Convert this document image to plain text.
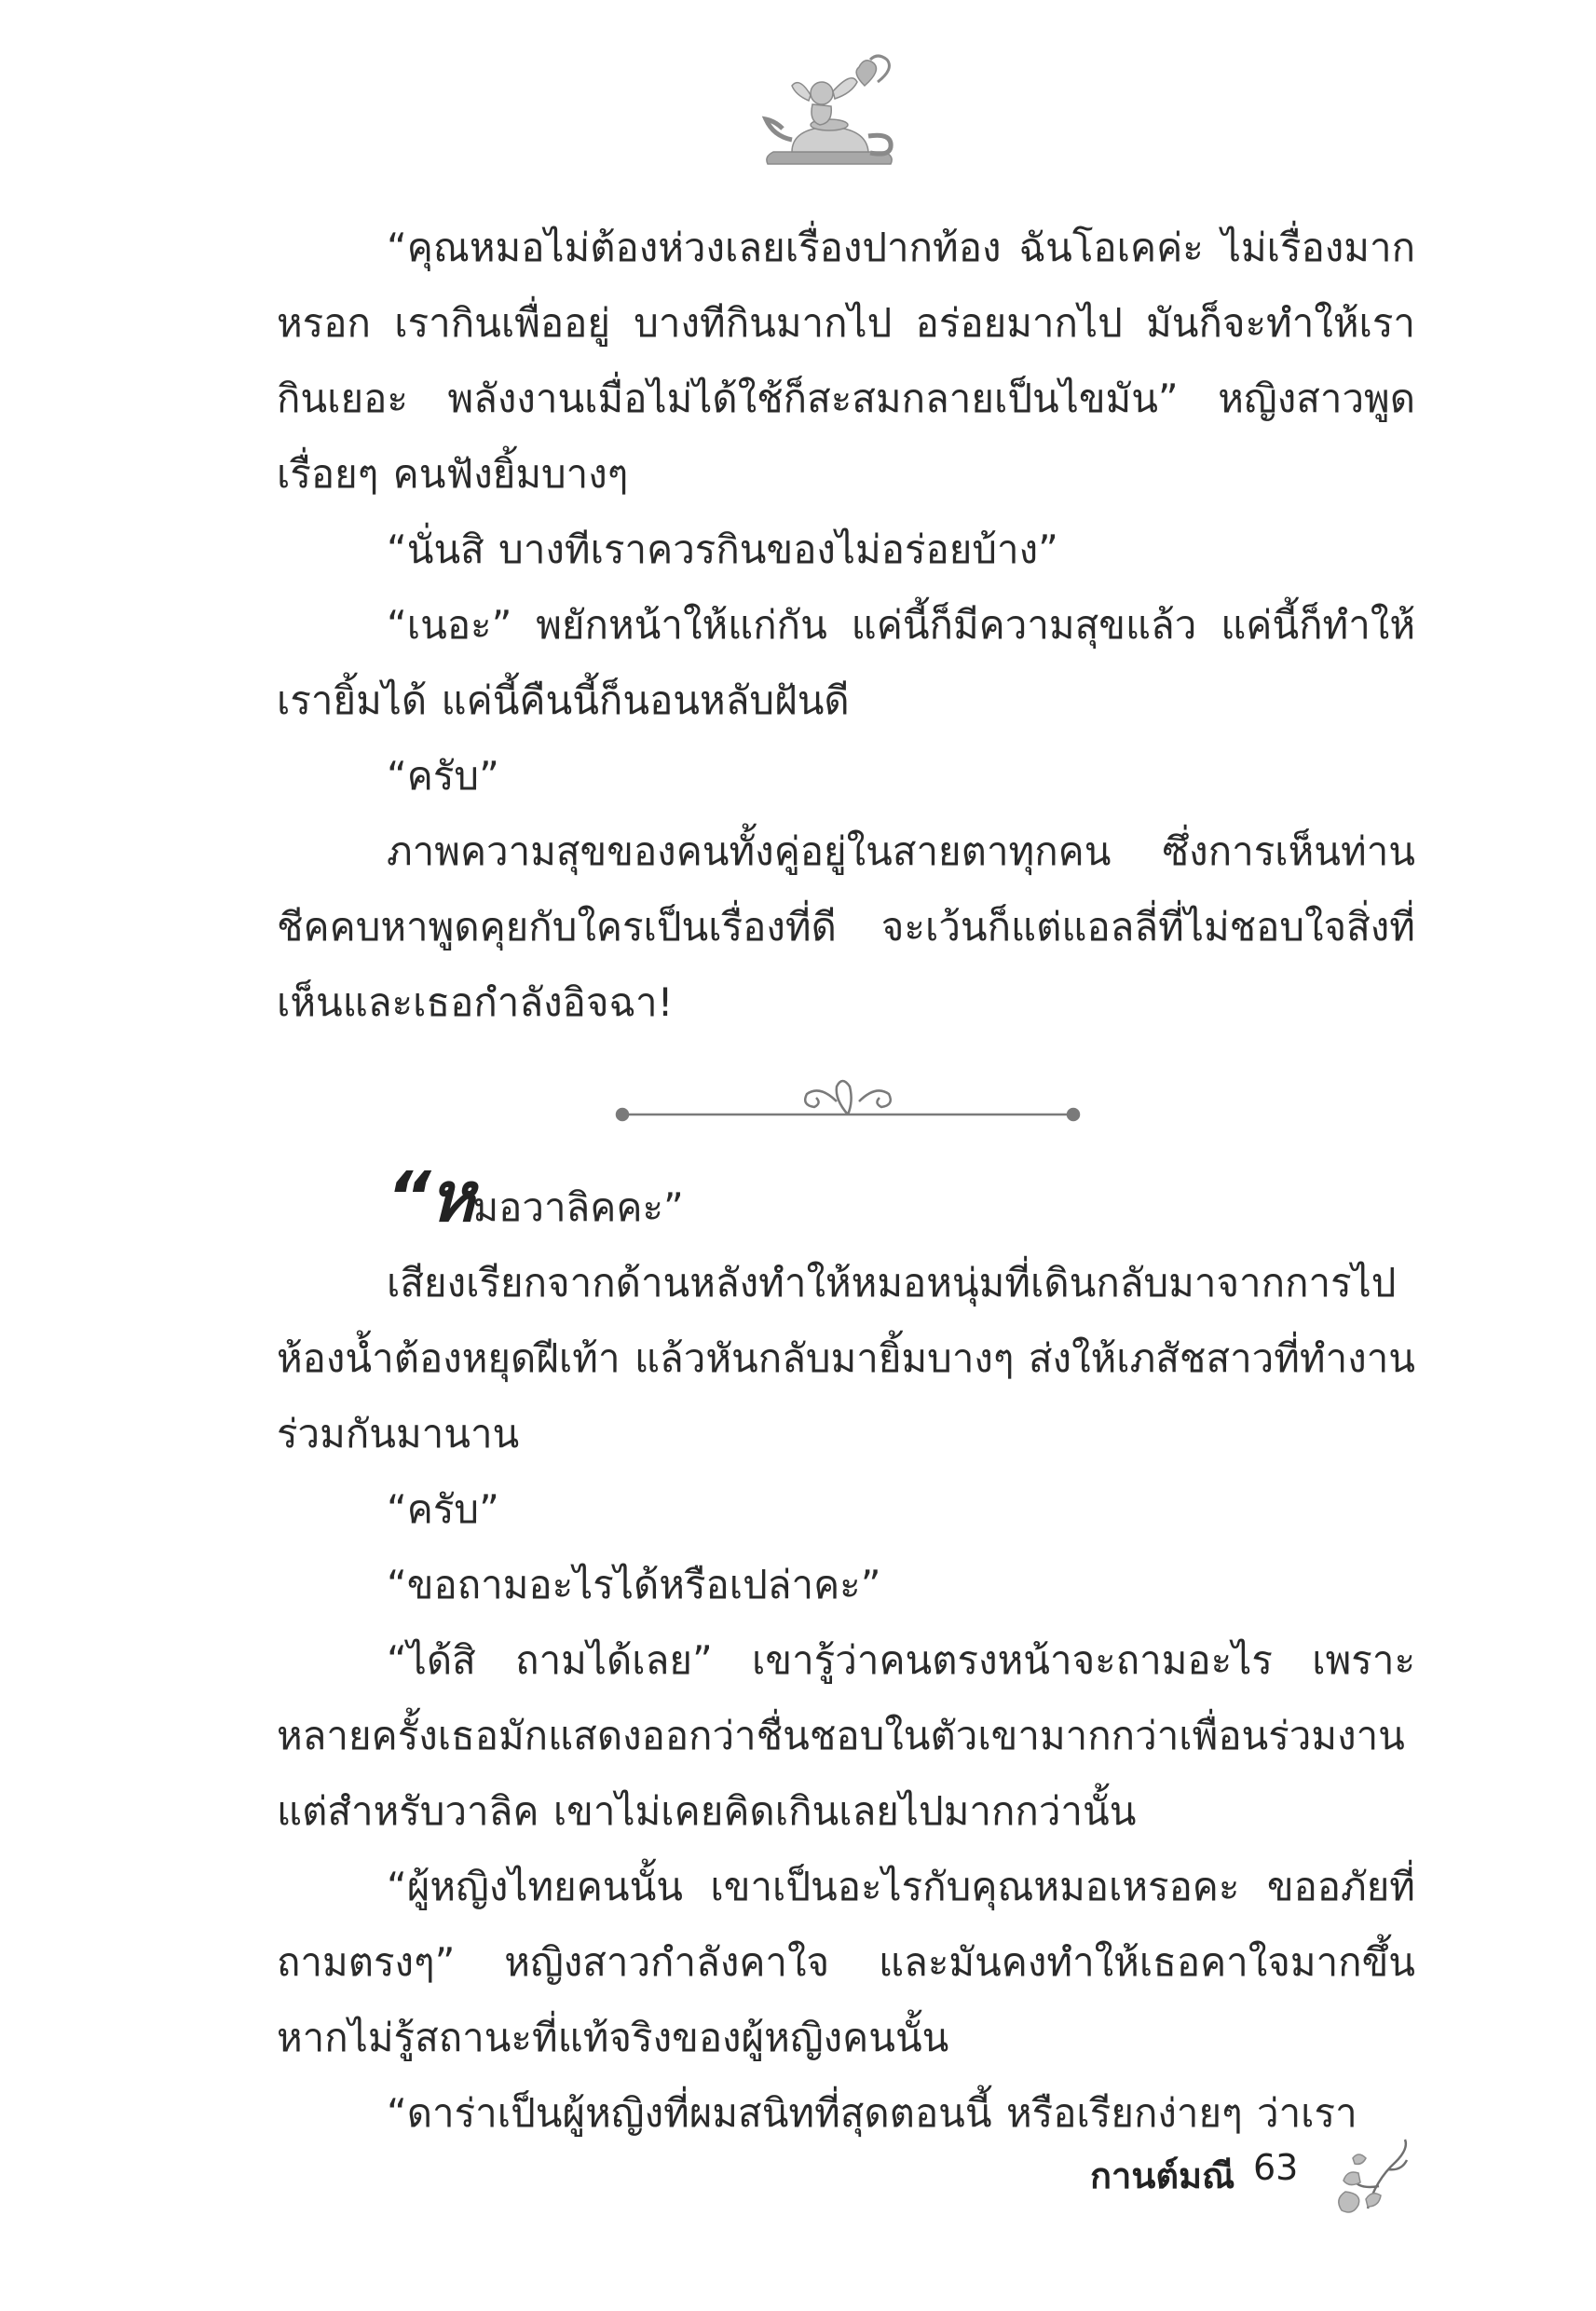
“คุณหมอไม่ต้องห่วงเลยเรื่องปากท้อง ฉันโอเคค่ะ ไม่เรื่องมากหรอก เรากินเพื่ออยู่ บางทีกินมากไป อร่อยมากไป มันก็จะทำให้เรากินเยอะ พลังงานเมื่อไม่ได้ใช้ก็สะสมกลายเป็นไขมัน” หญิงสาวพูดเรื่อยๆ คนฟังยิ้มบางๆ

“นั่นสิ บางทีเราควรกินของไม่อร่อยบ้าง”

“เนอะ” พยักหน้าให้แก่กัน แค่นี้ก็มีความสุขแล้ว แค่นี้ก็ทำให้เรายิ้มได้ แค่นี้คืนนี้ก็นอนหลับฝันดี

“ครับ”

ภาพความสุขของคนทั้งคู่อยู่ในสายตาทุกคน ซึ่งการเห็นท่านชีคคบหาพูดคุยกับใครเป็นเรื่องที่ดี จะเว้นก็แต่แอลลี่ที่ไม่ชอบใจสิ่งที่เห็นและเธอกำลังอิจฉา!

“หมอวาลิคคะ”

เสียงเรียกจากด้านหลังทำให้หมอหนุ่มที่เดินกลับมาจากการไปห้องน้ำต้องหยุดฝีเท้า แล้วหันกลับมายิ้มบางๆ ส่งให้เภสัชสาวที่ทำงานร่วมกันมานาน

“ครับ”

“ขอถามอะไรได้หรือเปล่าคะ”

“ได้สิ ถามได้เลย” เขารู้ว่าคนตรงหน้าจะถามอะไร เพราะหลายครั้งเธอมักแสดงออกว่าชื่นชอบในตัวเขามากกว่าเพื่อนร่วมงาน แต่สำหรับวาลิค เขาไม่เคยคิดเกินเลยไปมากกว่านั้น

“ผู้หญิงไทยคนนั้น เขาเป็นอะไรกับคุณหมอเหรอคะ ขออภัยที่ถามตรงๆ” หญิงสาวกำลังคาใจ และมันคงทำให้เธอคาใจมากขึ้นหากไม่รู้สถานะที่แท้จริงของผู้หญิงคนนั้น

“ดาร่าเป็นผู้หญิงที่ผมสนิทที่สุดตอนนี้ หรือเรียกง่ายๆ ว่าเรา

กานต์มณี 63
